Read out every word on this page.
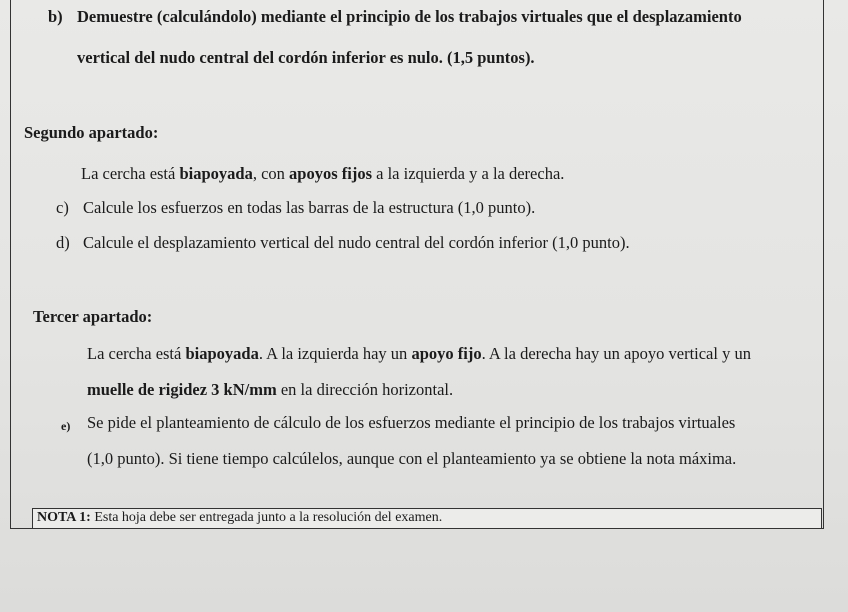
b) Demuestre (calculándolo) mediante el principio de los trabajos virtuales que el desplazamiento
vertical del nudo central del cordón inferior es nulo. (1,5 puntos).
Segundo apartado:
La cercha está biapoyada, con apoyos fijos a la izquierda y a la derecha.
c) Calcule los esfuerzos en todas las barras de la estructura (1,0 punto).
d) Calcule el desplazamiento vertical del nudo central del cordón inferior (1,0 punto).
Tercer apartado:
La cercha está biapoyada. A la izquierda hay un apoyo fijo. A la derecha hay un apoyo vertical y un
muelle de rigidez 3 kN/mm en la dirección horizontal.
e) Se pide el planteamiento de cálculo de los esfuerzos mediante el principio de los trabajos virtuales
(1,0 punto). Si tiene tiempo calcúlelos, aunque con el planteamiento ya se obtiene la nota máxima.
NOTA 1: Esta hoja debe ser entregada junto a la resolución del examen.
